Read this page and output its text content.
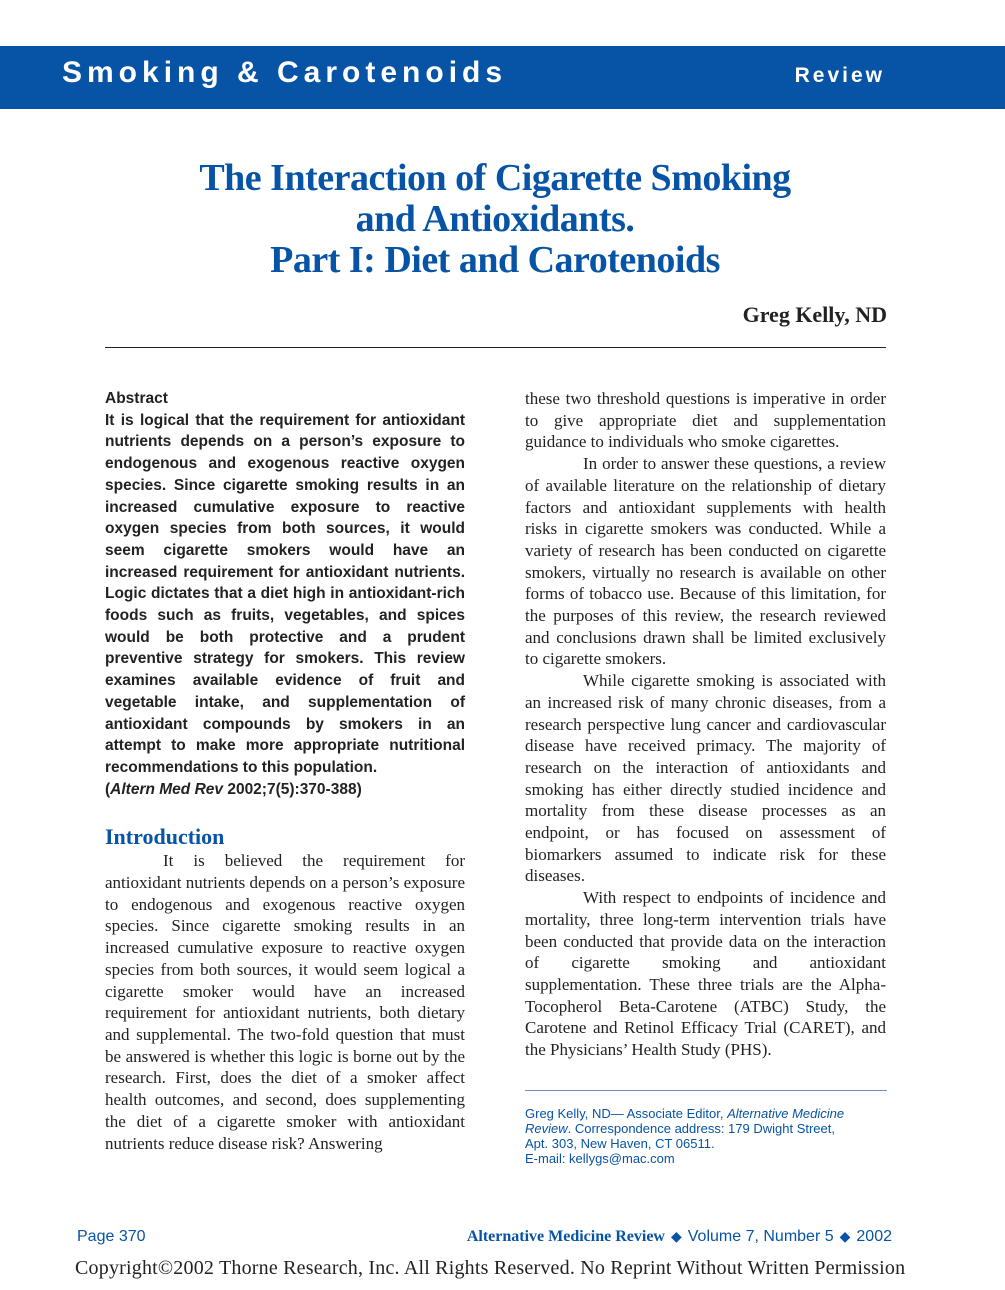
Smoking & Carotenoids	Review
The Interaction of Cigarette Smoking
and Antioxidants.
Part I: Diet and Carotenoids
Greg Kelly, ND
Abstract
It is logical that the requirement for antioxidant nutrients depends on a person’s exposure to endogenous and exogenous reactive oxygen species. Since cigarette smoking results in an increased cumulative exposure to reactive oxygen species from both sources, it would seem cigarette smokers would have an increased requirement for antioxidant nutrients. Logic dictates that a diet high in antioxidant-rich foods such as fruits, vegetables, and spices would be both protective and a prudent preventive strategy for smokers. This review examines available evidence of fruit and vegetable intake, and supplementation of antioxidant compounds by smokers in an attempt to make more appropriate nutritional recommendations to this population.
(Altern Med Rev 2002;7(5):370-388)
Introduction

It is believed the requirement for antioxidant nutrients depends on a person’s exposure to endogenous and exogenous reactive oxygen species. Since cigarette smoking results in an increased cumulative exposure to reactive oxygen species from both sources, it would seem logical a cigarette smoker would have an increased requirement for antioxidant nutrients, both dietary and supplemental. The two-fold question that must be answered is whether this logic is borne out by the research. First, does the diet of a smoker affect health outcomes, and second, does supplementing the diet of a cigarette smoker with antioxidant nutrients reduce disease risk? Answering

these two threshold questions is imperative in order to give appropriate diet and supplementation guidance to individuals who smoke cigarettes.

In order to answer these questions, a review of available literature on the relationship of dietary factors and antioxidant supplements with health risks in cigarette smokers was conducted. While a variety of research has been conducted on cigarette smokers, virtually no research is available on other forms of tobacco use. Because of this limitation, for the purposes of this review, the research reviewed and conclusions drawn shall be limited exclusively to cigarette smokers.

While cigarette smoking is associated with an increased risk of many chronic diseases, from a research perspective lung cancer and cardiovascular disease have received primacy. The majority of research on the interaction of antioxidants and smoking has either directly studied incidence and mortality from these disease processes as an endpoint, or has focused on assessment of biomarkers assumed to indicate risk for these diseases.

With respect to endpoints of incidence and mortality, three long-term intervention trials have been conducted that provide data on the interaction of cigarette smoking and antioxidant supplementation. These three trials are the Alpha-Tocopherol Beta-Carotene (ATBC) Study, the Carotene and Retinol Efficacy Trial (CARET), and the Physicians’ Health Study (PHS).

Greg Kelly, ND— Associate Editor, Alternative Medicine Review. Correspondence address: 179 Dwight Street,
Apt. 303, New Haven, CT 06511.
E-mail: kellygs@mac.com
Page 370	Alternative Medicine Review ◆ Volume 7, Number 5 ◆ 2002
Copyright©2002 Thorne Research, Inc. All Rights Reserved. No Reprint Without Written Permission
